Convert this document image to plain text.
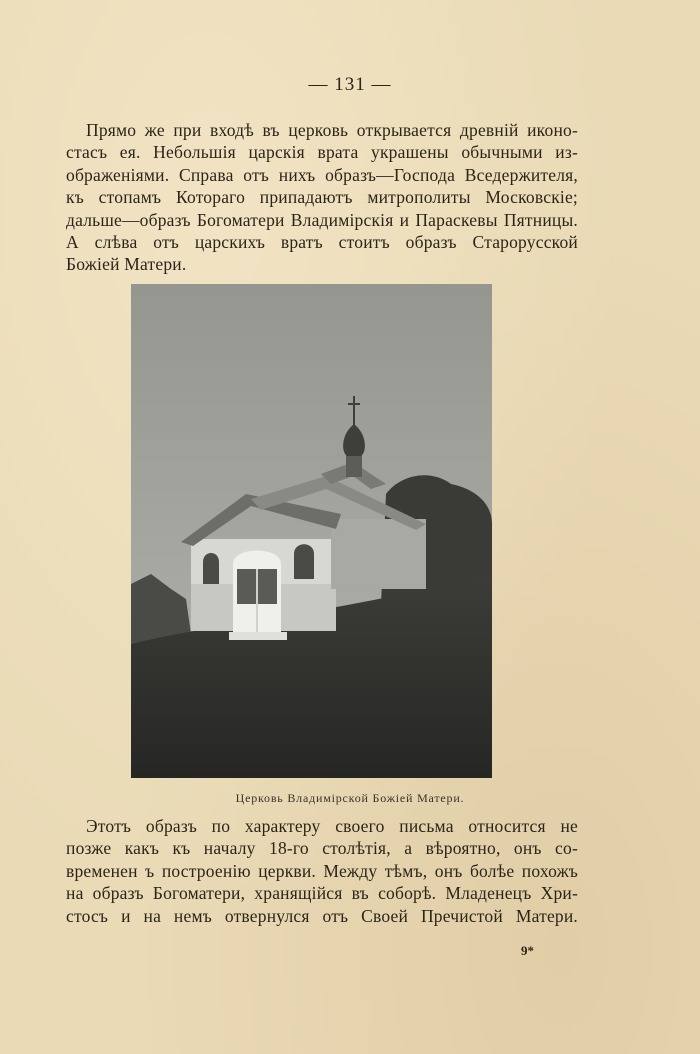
— 131 —
Прямо же при входѣ въ церковь открывается древній иконо-
стасъ ея. Небольшія царскія врата украшены обычными из-
ображеніями. Справа отъ нихъ образъ—Господа Вседержителя,
къ стопамъ Котораго припадаютъ митрополиты Московскіе;
дальше—образъ Богоматери Владимірскія и Параскевы Пятницы.
А слѣва отъ царскихъ вратъ стоитъ образъ Старорусской
Божіей Матери.
Церковь Владимірской Божіей Матери.
Этотъ образъ по характеру своего письма относится не
позже какъ къ началу 18-го столѣтія, а вѣроятно, онъ со-
временен ъ построенію церкви. Между тѣмъ, онъ болѣе похожъ
на образъ Богоматери, хранящійся въ соборѣ. Младенецъ Хри-
стосъ и на немъ отвернулся отъ Своей Пречистой Матери.
9*
